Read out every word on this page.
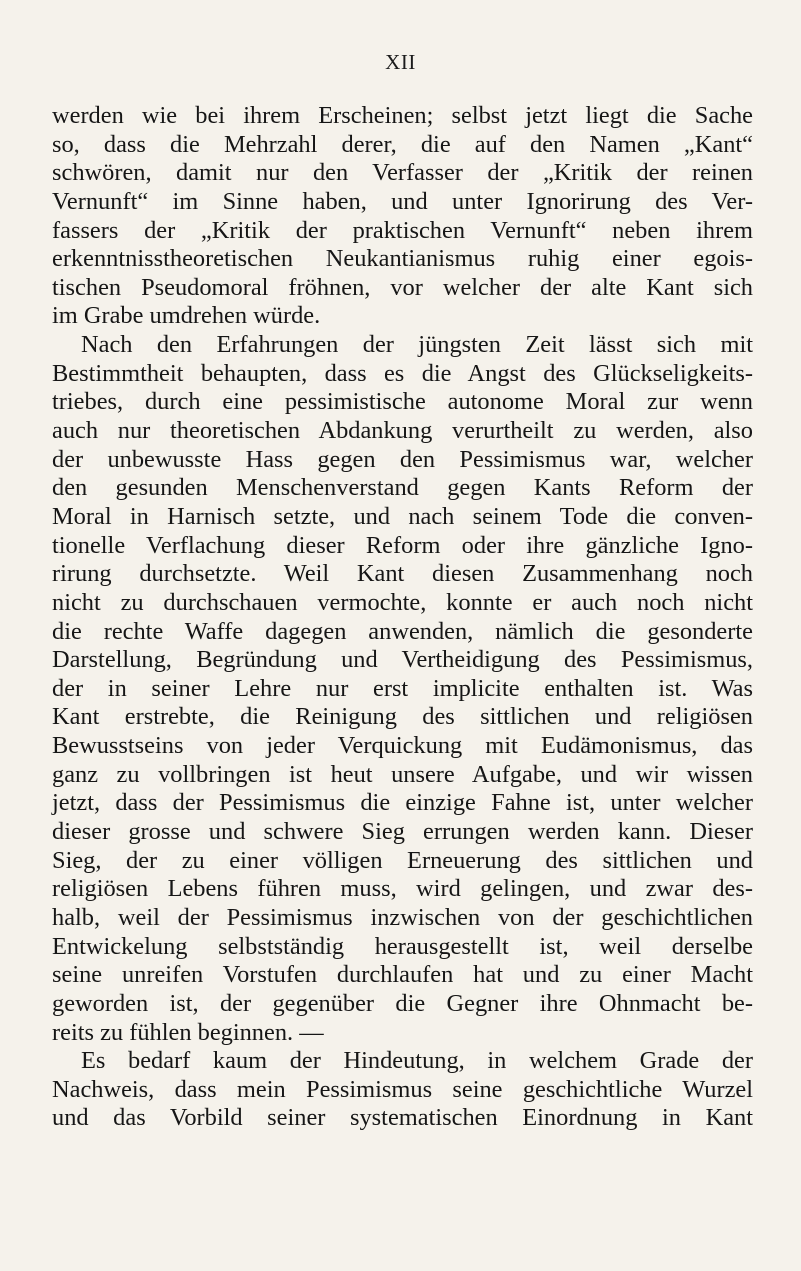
XII
werden wie bei ihrem Erscheinen; selbst jetzt liegt die Sache
so, dass die Mehrzahl derer, die auf den Namen „Kant“
schwören, damit nur den Verfasser der „Kritik der reinen
Vernunft“ im Sinne haben, und unter Ignorirung des Ver-
fassers der „Kritik der praktischen Vernunft“ neben ihrem
erkenntnisstheoretischen Neukantianismus ruhig einer egois-
tischen Pseudomoral fröhnen, vor welcher der alte Kant sich
im Grabe umdrehen würde.
Nach den Erfahrungen der jüngsten Zeit lässt sich mit
Bestimmtheit behaupten, dass es die Angst des Glückseligkeits-
triebes, durch eine pessimistische autonome Moral zur wenn
auch nur theoretischen Abdankung verurtheilt zu werden, also
der unbewusste Hass gegen den Pessimismus war, welcher
den gesunden Menschenverstand gegen Kants Reform der
Moral in Harnisch setzte, und nach seinem Tode die conven-
tionelle Verflachung dieser Reform oder ihre gänzliche Igno-
rirung durchsetzte. Weil Kant diesen Zusammenhang noch
nicht zu durchschauen vermochte, konnte er auch noch nicht
die rechte Waffe dagegen anwenden, nämlich die gesonderte
Darstellung, Begründung und Vertheidigung des Pessimismus,
der in seiner Lehre nur erst implicite enthalten ist. Was
Kant erstrebte, die Reinigung des sittlichen und religiösen
Bewusstseins von jeder Verquickung mit Eudämonismus, das
ganz zu vollbringen ist heut unsere Aufgabe, und wir wissen
jetzt, dass der Pessimismus die einzige Fahne ist, unter welcher
dieser grosse und schwere Sieg errungen werden kann. Dieser
Sieg, der zu einer völligen Erneuerung des sittlichen und
religiösen Lebens führen muss, wird gelingen, und zwar des-
halb, weil der Pessimismus inzwischen von der geschichtlichen
Entwickelung selbstständig herausgestellt ist, weil derselbe
seine unreifen Vorstufen durchlaufen hat und zu einer Macht
geworden ist, der gegenüber die Gegner ihre Ohnmacht be-
reits zu fühlen beginnen. —
Es bedarf kaum der Hindeutung, in welchem Grade der
Nachweis, dass mein Pessimismus seine geschichtliche Wurzel
und das Vorbild seiner systematischen Einordnung in Kant
